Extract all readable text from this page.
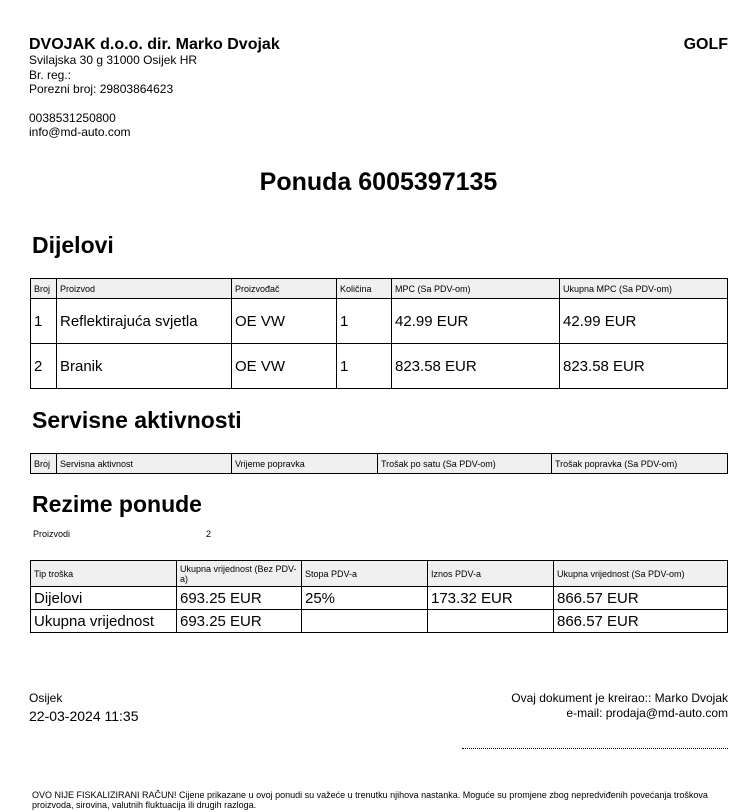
DVOJAK d.o.o. dir. Marko Dvojak
Svilajska 30 g 31000 Osijek HR
Br. reg.:
Porezni broj: 29803864623
0038531250800
info@md-auto.com
GOLF
Ponuda 6005397135
Dijelovi
Broj	Proizvod	Proizvođač	Količina	MPC (Sa PDV-om)	Ukupna MPC (Sa PDV-om)
1	Reflektirajuća svjetla	OE VW	1	42.99 EUR	42.99 EUR
2	Branik	OE VW	1	823.58 EUR	823.58 EUR
Servisne aktivnosti
Broj	Servisna aktivnost	Vrijeme popravka	Trošak po satu (Sa PDV-om)	Trošak popravka (Sa PDV-om)
Rezime ponude
Proizvodi	2
Tip troška	Ukupna vrijednost (Bez PDV-a)	Stopa PDV-a	Iznos PDV-a	Ukupna vrijednost (Sa PDV-om)
Dijelovi	693.25 EUR	25%	173.32 EUR	866.57 EUR
Ukupna vrijednost	693.25 EUR			866.57 EUR
Osijek
22-03-2024 11:35
Ovaj dokument je kreirao:: Marko Dvojak
e-mail: prodaja@md-auto.com
OVO NIJE FISKALIZIRANI RAČUN! Cijene prikazane u ovoj ponudi su važeće u trenutku njihova nastanka. Moguće su promjene zbog nepredviđenih povećanja troškova proizvoda, sirovina, valutnih fluktuacija ili drugih razloga.
